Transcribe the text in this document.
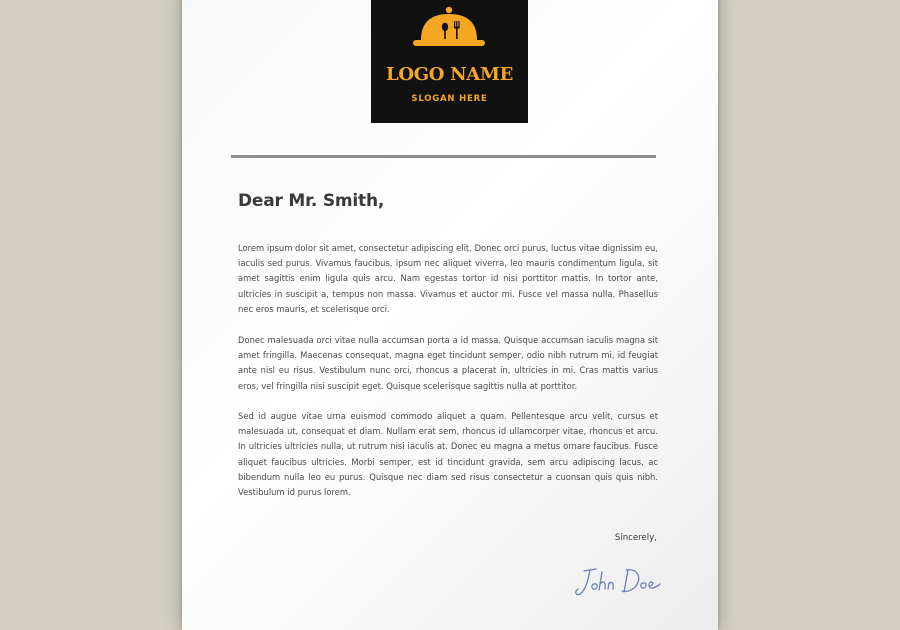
LOGO NAME
SLOGAN HERE
Dear Mr. Smith,

Lorem ipsum dolor sit amet, consectetur adipiscing elit. Donec orci purus, luctus vitae dignissim eu, iaculis sed purus. Vivamus faucibus, ipsum nec aliquet viverra, leo mauris condimentum ligula, sit amet sagittis enim ligula quis arcu. Nam egestas tortor id nisi porttitor mattis. In tortor ante, ultricies in suscipit a, tempus non massa. Vivamus et auctor mi. Fusce vel massa nulla. Phasellus nec eros mauris, et scelerisque orci.

Donec malesuada orci vitae nulla accumsan porta a id massa. Quisque accumsan iaculis magna sit amet fringilla. Maecenas consequat, magna eget tincidunt semper, odio nibh rutrum mi, id feugiat ante nisl eu risus. Vestibulum nunc orci, rhoncus a placerat in, ultricies in mi. Cras mattis varius eros, vel fringilla nisi suscipit eget. Quisque scelerisque sagittis nulla at porttitor.

Sed id augue vitae urna euismod commodo aliquet a quam. Pellentesque arcu velit, cursus et malesuada ut, consequat et diam. Nullam erat sem, rhoncus id ullamcorper vitae, rhoncus et arcu. In ultricies ultricies nulla, ut rutrum nisi iaculis at. Donec eu magna a metus ornare faucibus. Fusce aliquet faucibus ultricies. Morbi semper, est id tincidunt gravida, sem arcu adipiscing lacus, ac bibendum nulla leo eu purus. Quisque nec diam sed risus consectetur a cuonsan quis quis nibh. Vestibulum id purus lorem.

Sincerely,
